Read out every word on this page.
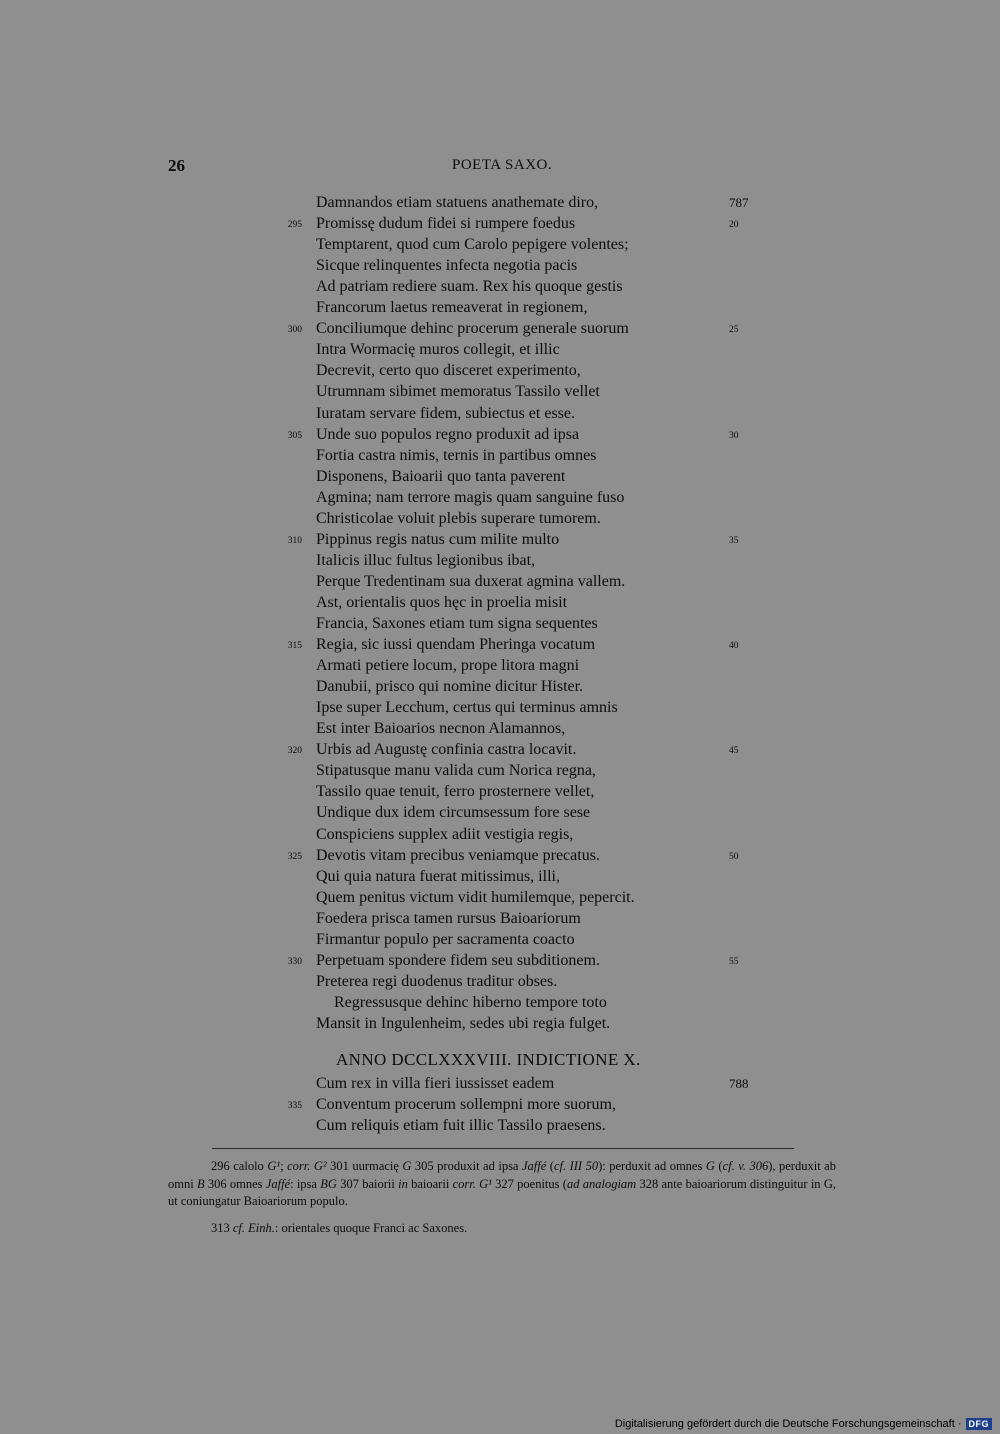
26	POETA SAXO.
Damnandos etiam statuens anathemate diro,	787
295 Promissę dudum fidei si rumpere foedus	20
Temptarent, quod cum Carolo pepigere volentes;
Sicque relinquentes infecta negotia pacis
Ad patriam rediere suam. Rex his quoque gestis
Francorum laetus remeaverat in regionem,
300 Conciliumque dehinc procerum generale suorum	25
Intra Wormacię muros collegit, et illic
Decrevit, certo quo disceret experimento,
Utrumnam sibimet memoratus Tassilo vellet
Iuratam servare fidem, subiectus et esse.
305 Unde suo populos regno produxit ad ipsa	30
Fortia castra nimis, ternis in partibus omnes
Disponens, Baioarii quo tanta paverent
Agmina; nam terrore magis quam sanguine fuso
Christicolae voluit plebis superare tumorem.
310 Pippinus regis natus cum milite multo	35
Italicis illuc fultus legionibus ibat,
Perque Tredentinam sua duxerat agmina vallem.
Ast, orientalis quos hęc in proelia misit
Francia, Saxones etiam tum signa sequentes
315 Regia, sic iussi quendam Pheringa vocatum	40
Armati petiere locum, prope litora magni
Danubii, prisco qui nomine dicitur Hister.
Ipse super Lecchum, certus qui terminus amnis
Est inter Baioarios necnon Alamannos,
320 Urbis ad Augustę confinia castra locavit.	45
Stipatusque manu valida cum Norica regna,
Tassilo quae tenuit, ferro prosternere vellet,
Undique dux idem circumsessum fore sese
Conspiciens supplex adiit vestigia regis,
325 Devotis vitam precibus veniamque precatus.	50
Qui quia natura fuerat mitissimus, illi,
Quem penitus victum vidit humilemque, pepercit.
Foedera prisca tamen rursus Baioariorum
Firmantur populo per sacramenta coacto
330 Perpetuam spondere fidem seu subditionem.	55
Preterea regi duodenus traditur obses.
Regressusque dehinc hiberno tempore toto
Mansit in Ingulenheim, sedes ubi regia fulget.
ANNO DCCLXXXVIII. INDICTIONE X.
Cum rex in villa fieri iussisset eadem	788
335 Conventum procerum sollempni more suorum,
Cum reliquis etiam fuit illic Tassilo praesens.

296 calolo G¹; corr. G² 301 uurmacię G 305 produxit ad ipsa Jaffé (cf. III 50): perduxit ad omnes G (cf. v. 306), perduxit ab omni B 306 omnes Jaffé: ipsa BG 307 baiorii in baioarii corr. G¹ 327 poenitus (ad analogiam 328 ante baioariorum distinguitur in G, ut coniungatur Baioariorum populo.

313 cf. Einh.: orientales quoque Franci ac Saxones.

Digitalisierung gefördert durch die Deutsche Forschungsgemeinschaft · DFG
